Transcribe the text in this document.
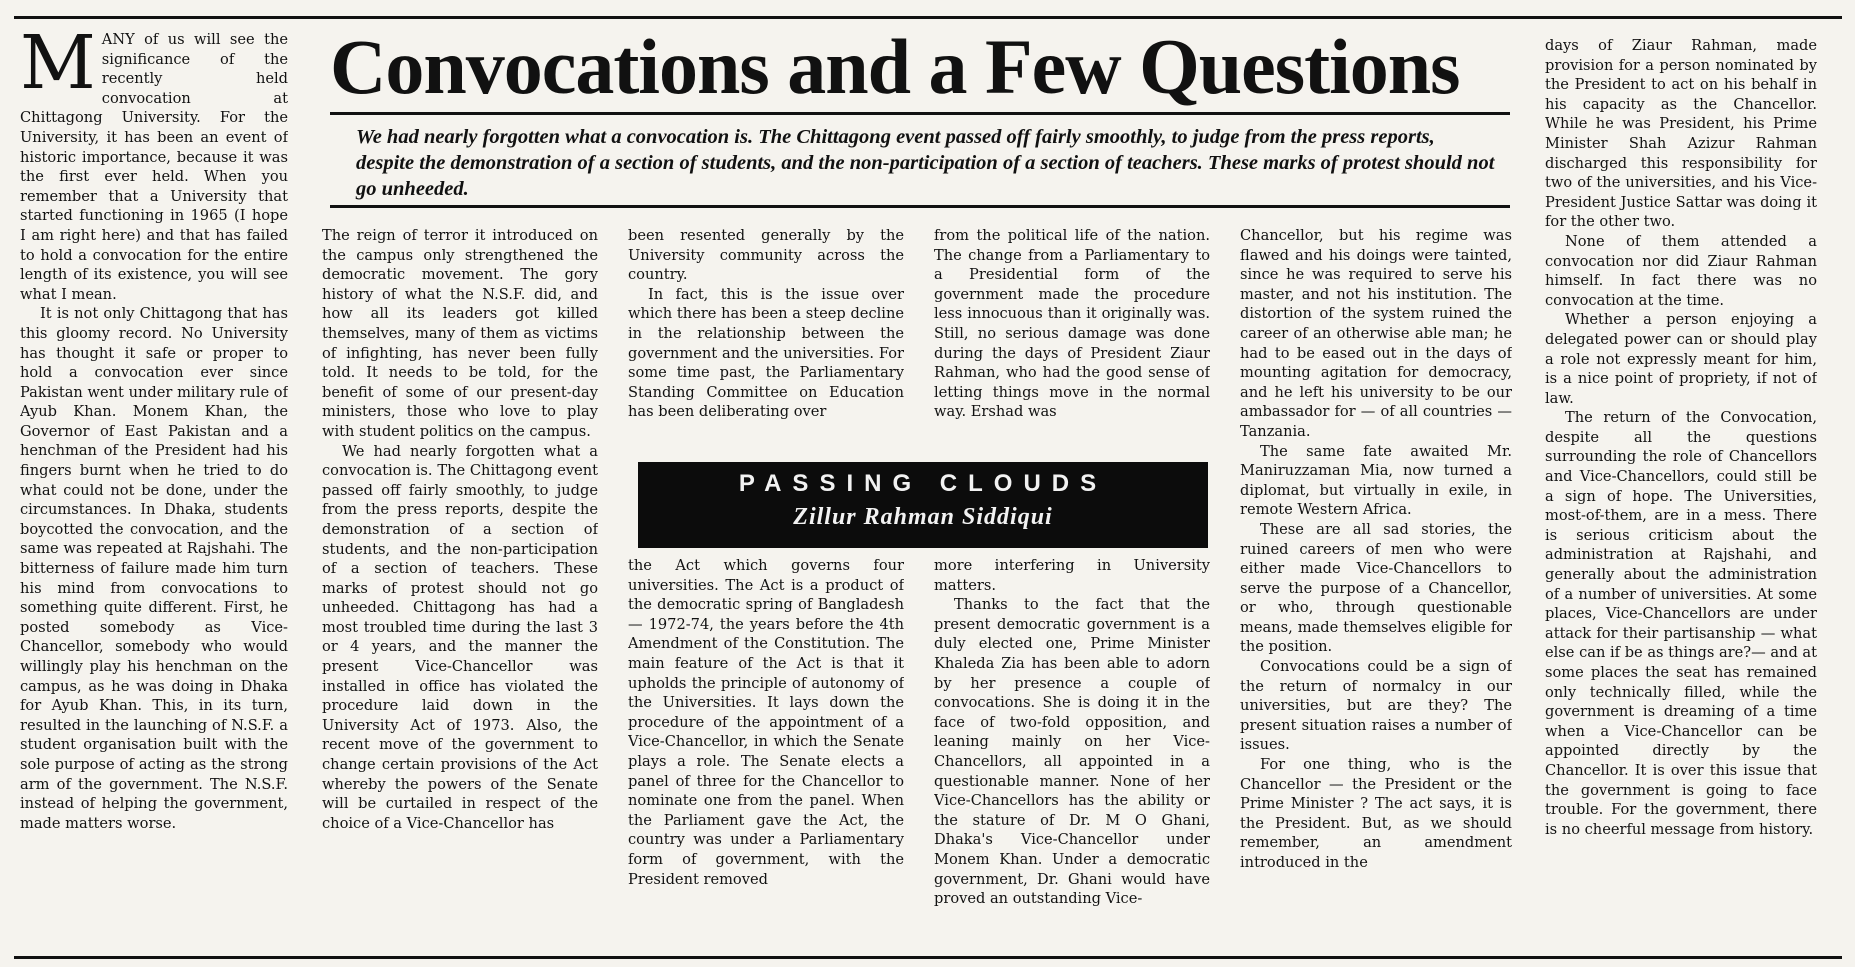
Convocations and a Few Questions
We had nearly forgotten what a convocation is. The Chittagong event passed off fairly smoothly, to judge from the press reports, despite the demonstration of a section of students, and the non-participation of a section of teachers. These marks of protest should not go unheeded.
PASSING CLOUDS
Zillur Rahman Siddiqui
M ANY of us will see the significance of the recently held convocation at Chittagong University. For the University, it has been an event of historic importance, because it was the first ever held. When you remember that a University that started functioning in 1965 (I hope I am right here) and that has failed to hold a convocation for the entire length of its existence, you will see what I mean.

It is not only Chittagong that has this gloomy record. No University has thought it safe or proper to hold a convocation ever since Pakistan went under military rule of Ayub Khan. Monem Khan, the Governor of East Pakistan and a henchman of the President had his fingers burnt when he tried to do what could not be done, under the circumstances. In Dhaka, students boycotted the convocation, and the same was repeated at Rajshahi. The bitterness of failure made him turn his mind from convocations to something quite different. First, he posted somebody as Vice-Chancellor, somebody who would willingly play his henchman on the campus, as he was doing in Dhaka for Ayub Khan. This, in its turn, resulted in the launching of N.S.F. a student organisation built with the sole purpose of acting as the strong arm of the government. The N.S.F. instead of helping the government, made matters worse.

The reign of terror it introduced on the campus only strengthened the democratic movement. The gory history of what the N.S.F. did, and how all its leaders got killed themselves, many of them as victims of infighting, has never been fully told. It needs to be told, for the benefit of some of our present-day ministers, those who love to play with student politics on the campus.

We had nearly forgotten what a convocation is. The Chittagong event passed off fairly smoothly, to judge from the press reports, despite the demonstration of a section of students, and the non-participation of a section of teachers. These marks of protest should not go unheeded. Chittagong has had a most troubled time during the last 3 or 4 years, and the manner the present Vice-Chancellor was installed in office has violated the procedure laid down in the University Act of 1973. Also, the recent move of the government to change certain provisions of the Act whereby the powers of the Senate will be curtailed in respect of the choice of a Vice-Chancellor has

been resented generally by the University community across the country.

In fact, this is the issue over which there has been a steep decline in the relationship between the government and the universities. For some time past, the Parliamentary Standing Committee on Education has been deliberating over

from the political life of the nation. The change from a Parliamentary to a Presidential form of the government made the procedure less innocuous than it originally was. Still, no serious damage was done during the days of President Ziaur Rahman, who had the good sense of letting things move in the normal way. Ershad was

the Act which governs four universities. The Act is a product of the democratic spring of Bangladesh — 1972-74, the years before the 4th Amendment of the Constitution. The main feature of the Act is that it upholds the principle of autonomy of the Universities. It lays down the procedure of the appointment of a Vice-Chancellor, in which the Senate plays a role. The Senate elects a panel of three for the Chancellor to nominate one from the panel. When the Parliament gave the Act, the country was under a Parliamentary form of government, with the President removed

more interfering in University matters.

Thanks to the fact that the present democratic government is a duly elected one, Prime Minister Khaleda Zia has been able to adorn by her presence a couple of convocations. She is doing it in the face of two-fold opposition, and leaning mainly on her Vice-Chancellors, all appointed in a questionable manner. None of her Vice-Chancellors has the ability or the stature of Dr. M O Ghani, Dhaka's Vice-Chancellor under Monem Khan. Under a democratic government, Dr. Ghani would have proved an outstanding Vice-

Chancellor, but his regime was flawed and his doings were tainted, since he was required to serve his master, and not his institution. The distortion of the system ruined the career of an otherwise able man; he had to be eased out in the days of mounting agitation for democracy, and he left his university to be our ambassador for — of all countries — Tanzania.

The same fate awaited Mr. Maniruzzaman Mia, now turned a diplomat, but virtually in exile, in remote Western Africa.

These are all sad stories, the ruined careers of men who were either made Vice-Chancellors to serve the purpose of a Chancellor, or who, through questionable means, made themselves eligible for the position.

Convocations could be a sign of the return of normalcy in our universities, but are they? The present situation raises a number of issues.

For one thing, who is the Chancellor — the President or the Prime Minister ? The act says, it is the President. But, as we should remember, an amendment introduced in the

days of Ziaur Rahman, made provision for a person nominated by the President to act on his behalf in his capacity as the Chancellor. While he was President, his Prime Minister Shah Azizur Rahman discharged this responsibility for two of the universities, and his Vice-President Justice Sattar was doing it for the other two.

None of them attended a convocation nor did Ziaur Rahman himself. In fact there was no convocation at the time.

Whether a person enjoying a delegated power can or should play a role not expressly meant for him, is a nice point of propriety, if not of law.

The return of the Convocation, despite all the questions surrounding the role of Chancellors and Vice-Chancellors, could still be a sign of hope. The Universities, most-of-them, are in a mess. There is serious criticism about the administration at Rajshahi, and generally about the administration of a number of universities. At some places, Vice-Chancellors are under attack for their partisanship — what else can if be as things are?— and at some places the seat has remained only technically filled, while the government is dreaming of a time when a Vice-Chancellor can be appointed directly by the Chancellor. It is over this issue that the government is going to face trouble. For the government, there is no cheerful message from history.
